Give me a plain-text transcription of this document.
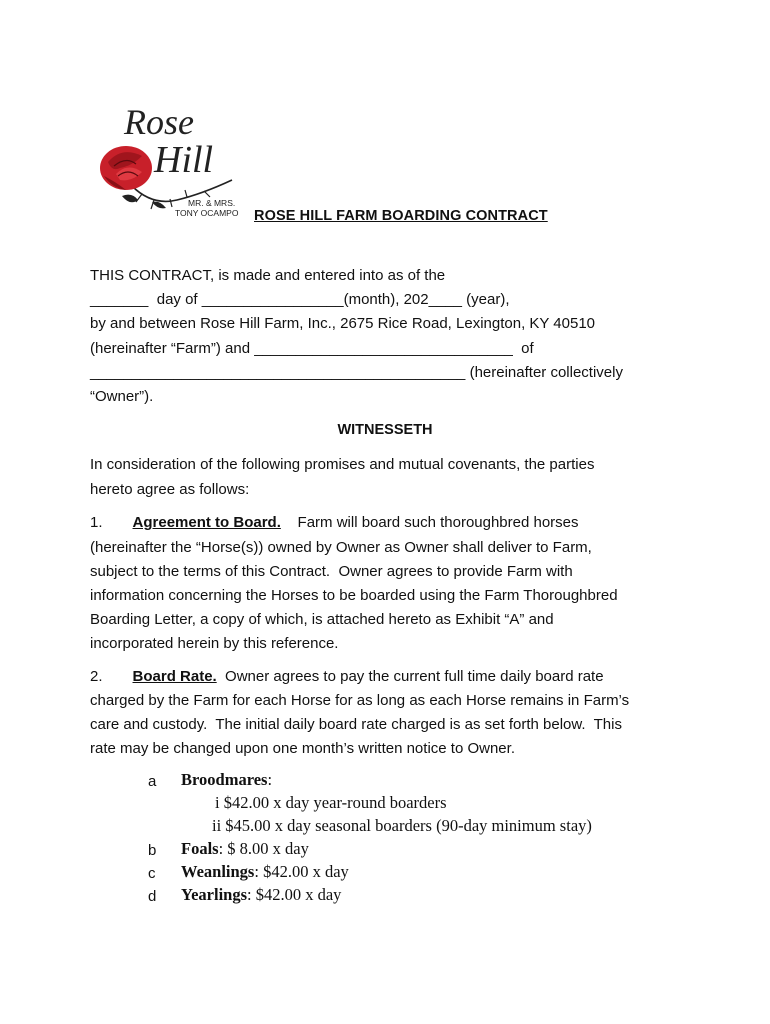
Rose
Hill
MR. & MRS.
TONY OCAMPO ROSE HILL FARM BOARDING CONTRACT
THIS CONTRACT, is made and entered into as of the
_______  day of _________________(month), 202____ (year),
by and between Rose Hill Farm, Inc., 2675 Rice Road, Lexington, KY 40510
(hereinafter “Farm”) and _______________________________  of
_____________________________________________ (hereinafter collectively
“Owner”).
WITNESSETH
In consideration of the following promises and mutual covenants, the parties
hereto agree as follows:
1. Agreement to Board. Farm will board such thoroughbred horses
(hereinafter the “Horse(s)) owned by Owner as Owner shall deliver to Farm,
subject to the terms of this Contract.  Owner agrees to provide Farm with
information concerning the Horses to be boarded using the Farm Thoroughbred
Boarding Letter, a copy of which, is attached hereto as Exhibit “A” and
incorporated herein by this reference.
2. Board Rate. Owner agrees to pay the current full time daily board rate
charged by the Farm for each Horse for as long as each Horse remains in Farm’s
care and custody.  The initial daily board rate charged is as set forth below.  This
rate may be changed upon one month’s written notice to Owner.
a Broodmares:
i $42.00 x day year-round boarders
ii $45.00 x day seasonal boarders (90-day minimum stay)
b Foals: $ 8.00 x day
c Weanlings: $42.00 x day
d Yearlings: $42.00 x day
